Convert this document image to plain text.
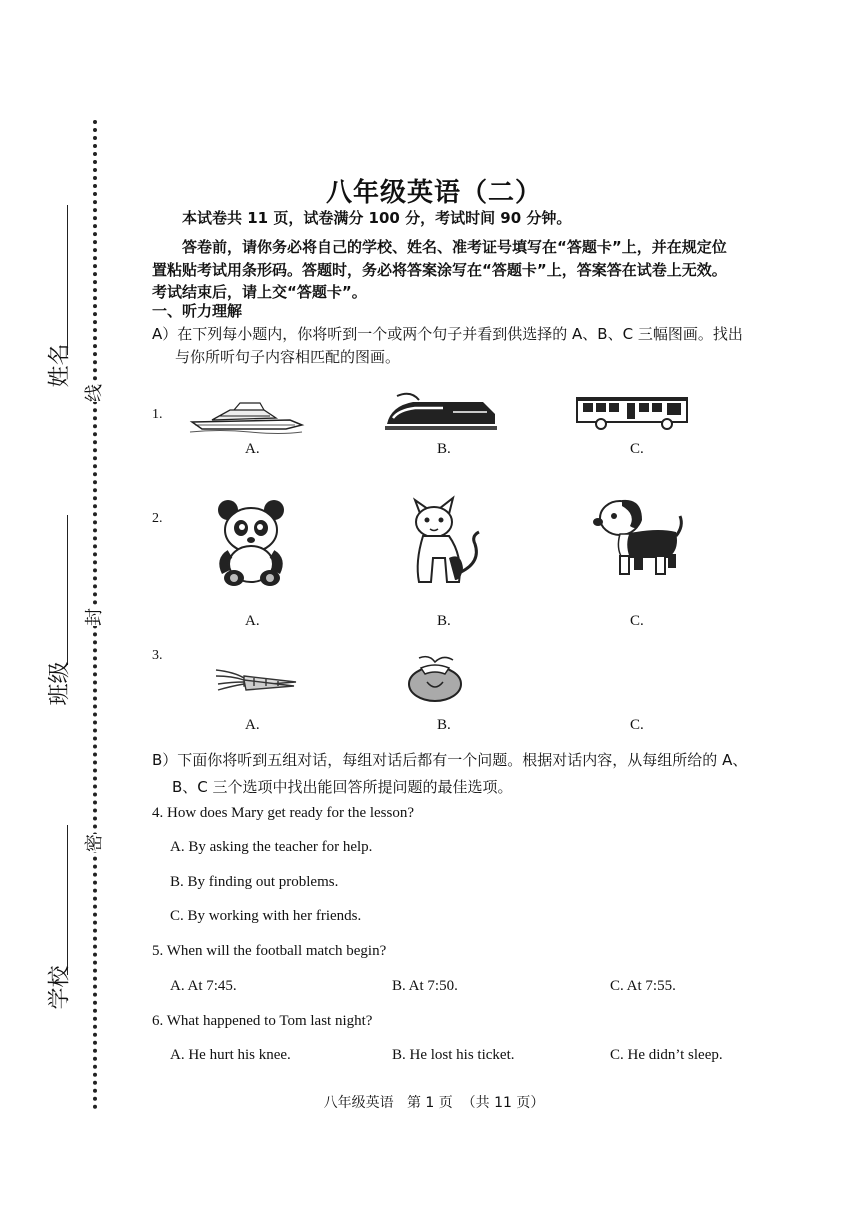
姓名
班级
学校
线
封
密
八年级英语（二）
本试卷共 11 页，试卷满分 100 分，考试时间 90 分钟。
答卷前，请你务必将自己的学校、姓名、准考证号填写在“答题卡”上，并在规定位
置粘贴考试用条形码。答题时，务必将答案涂写在“答题卡”上，答案答在试卷上无效。
考试结束后，请上交“答题卡”。
一、听力理解
A）在下列每小题内，你将听到一个或两个句子并看到供选择的 A、B、C 三幅图画。找出
与你所听句子内容相匹配的图画。
1.
A.	B.	C.
2.
A.	B.	C.
3.
A.	B.	C.
B）下面你将听到五组对话，每组对话后都有一个问题。根据对话内容，从每组所给的 A、
B、C 三个选项中找出能回答所提问题的最佳选项。
4. How does Mary get ready for the lesson?
A. By asking the teacher for help.
B. By finding out problems.
C. By working with her friends.
5. When will the football match begin?
A. At 7:45.	B. At 7:50.	C. At 7:55.
6. What happened to Tom last night?
A. He hurt his knee.	B. He lost his ticket.	C. He didn’t sleep.
八年级英语   第 1 页  （共 11 页）
